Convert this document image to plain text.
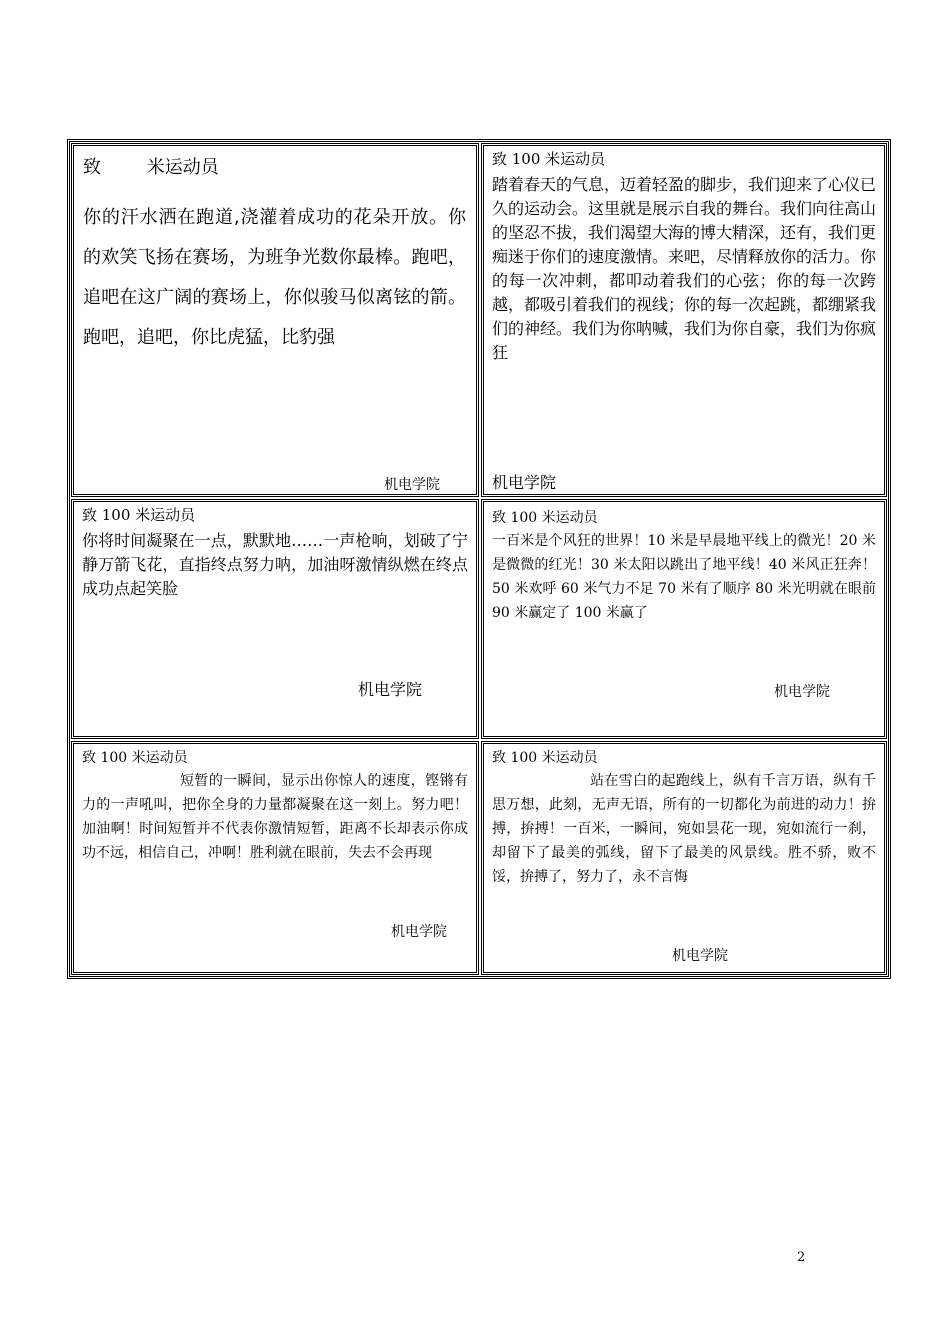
致        米运动员
你的汗水洒在跑道,浇灌着成功的花朵开放。你的欢笑飞扬在赛场，为班争光数你最棒。跑吧，追吧在这广阔的赛场上，你似骏马似离铉的箭。跑吧，追吧，你比虎猛，比豹强
机电学院
致 100 米运动员
踏着春天的气息，迈着轻盈的脚步，我们迎来了心仪已久的运动会。这里就是展示自我的舞台。我们向往高山的坚忍不拔，我们渴望大海的博大精深，还有，我们更痴迷于你们的速度激情。来吧，尽情释放你的活力。你的每一次冲刺，都叩动着我们的心弦；你的每一次跨越，都吸引着我们的视线；你的每一次起跳，都绷紧我们的神经。我们为你呐喊，我们为你自豪，我们为你疯狂
机电学院
致 100 米运动员
你将时间凝聚在一点，默默地……一声枪响，划破了宁静万箭飞花，直指终点努力呐，加油呀激情纵燃在终点成功点起笑脸
机电学院
致 100 米运动员
一百米是个风狂的世界！10 米是早晨地平线上的微光！20 米是微微的红光！30 米太阳以跳出了地平线！40 米风正狂奔！50 米欢呼 60 米气力不足 70 米有了顺序 80 米光明就在眼前 90 米赢定了 100 米赢了
机电学院
致 100 米运动员
短暂的一瞬间，显示出你惊人的速度，铿锵有力的一声吼叫，把你全身的力量都凝聚在这一刻上。努力吧！加油啊！时间短暂并不代表你激情短暂，距离不长却表示你成功不远，相信自己，冲啊！胜利就在眼前，失去不会再现
机电学院
致 100 米运动员
站在雪白的起跑线上，纵有千言万语，纵有千思万想，此刻，无声无语，所有的一切都化为前进的动力！拚搏，拚搏！一百米，一瞬间，宛如昙花一现，宛如流行一刹，却留下了最美的弧线，留下了最美的风景线。胜不骄，败不馁，拚搏了，努力了，永不言悔
机电学院
2
